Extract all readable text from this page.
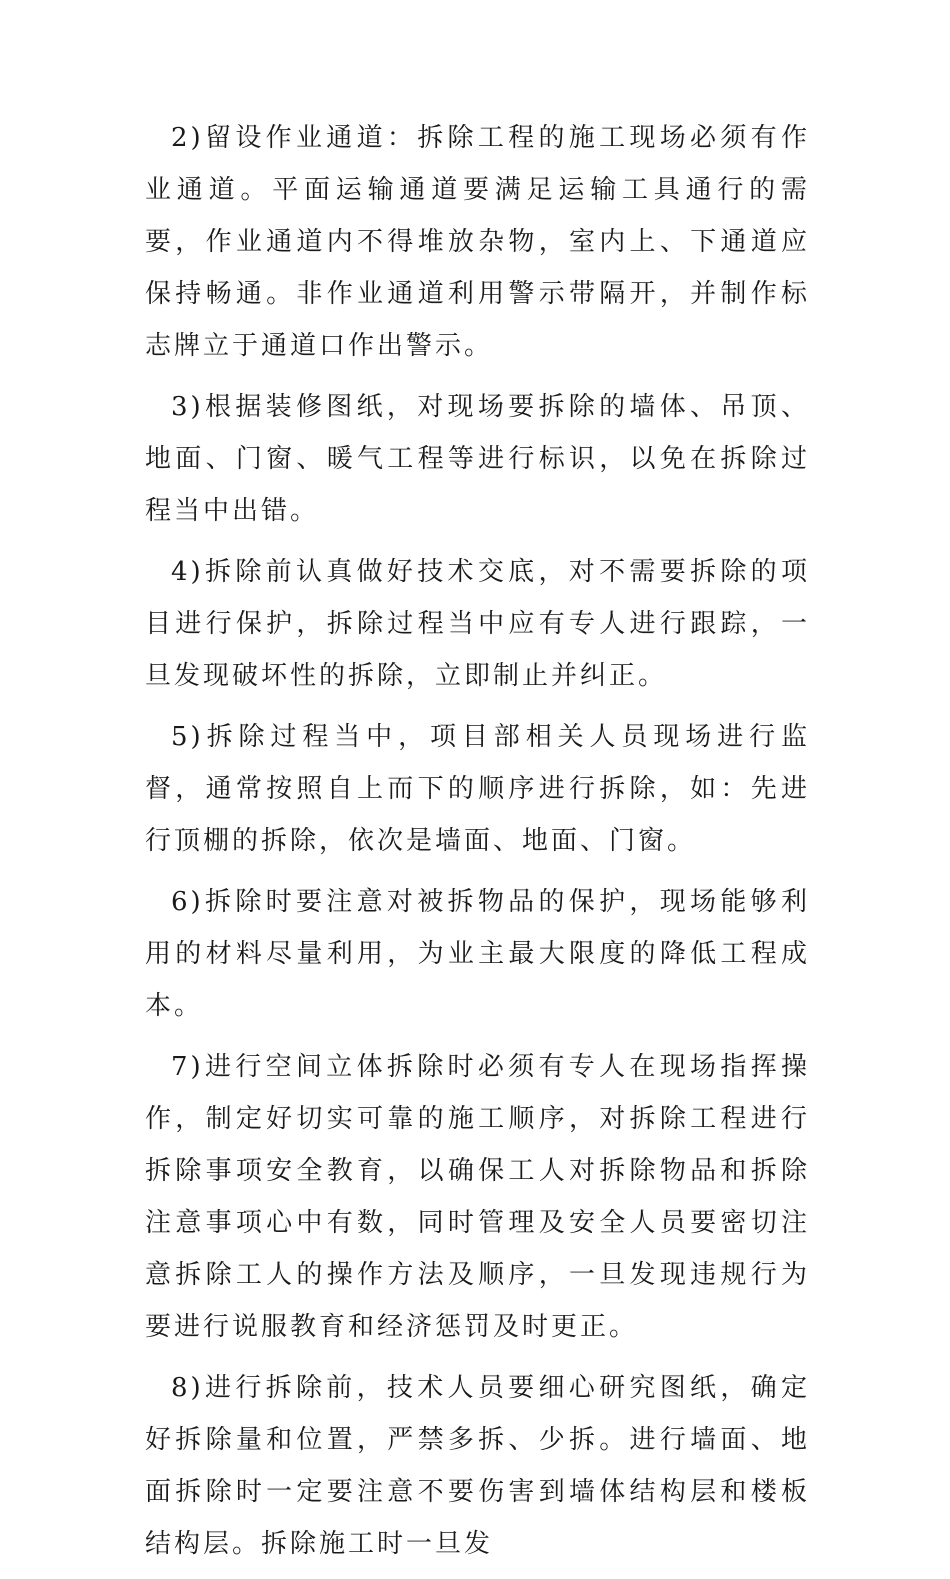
2)留设作业通道：拆除工程的施工现场必须有作业通道。平面运输通道要满足运输工具通行的需要，作业通道内不得堆放杂物，室内上、下通道应保持畅通。非作业通道利用警示带隔开，并制作标志牌立于通道口作出警示。

3)根据装修图纸，对现场要拆除的墙体、吊顶、地面、门窗、暖气工程等进行标识，以免在拆除过程当中出错。

4)拆除前认真做好技术交底，对不需要拆除的项目进行保护，拆除过程当中应有专人进行跟踪，一旦发现破坏性的拆除，立即制止并纠正。

5)拆除过程当中，项目部相关人员现场进行监督，通常按照自上而下的顺序进行拆除，如：先进行顶棚的拆除，依次是墙面、地面、门窗。

6)拆除时要注意对被拆物品的保护，现场能够利用的材料尽量利用，为业主最大限度的降低工程成本。

7)进行空间立体拆除时必须有专人在现场指挥操作，制定好切实可靠的施工顺序，对拆除工程进行拆除事项安全教育，以确保工人对拆除物品和拆除注意事项心中有数，同时管理及安全人员要密切注意拆除工人的操作方法及顺序，一旦发现违规行为要进行说服教育和经济惩罚及时更正。

8)进行拆除前，技术人员要细心研究图纸，确定好拆除量和位置，严禁多拆、少拆。进行墙面、地面拆除时一定要注意不要伤害到墙体结构层和楼板结构层。拆除施工时一旦发
